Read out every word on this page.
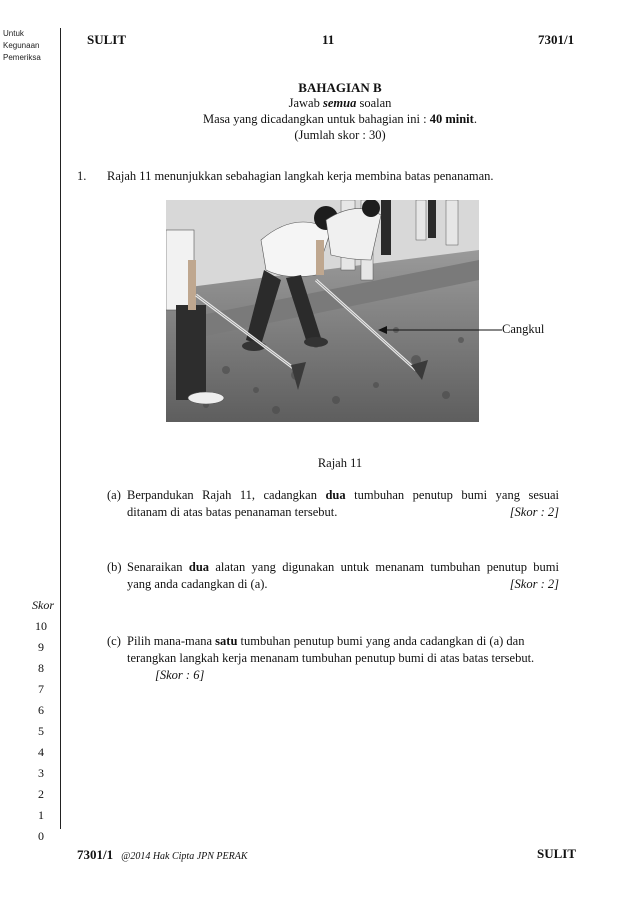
Untuk
Kegunaan
Pemeriksa
SULIT	11	7301/1
BAHAGIAN B
Jawab semua soalan
Masa yang dicadangkan untuk bahagian ini : 40 minit.
(Jumlah skor : 30)
1. Rajah 11 menunjukkan sebahagian langkah kerja membina batas penanaman.
Cangkul
Rajah 11
(a) Berpandukan Rajah 11, cadangkan dua tumbuhan penutup bumi yang sesuai
ditanam di atas batas penanaman tersebut.	[Skor : 2]
(b) Senaraikan dua alatan yang digunakan untuk menanam tumbuhan penutup bumi
yang anda cadangkan di (a).	[Skor : 2]
(c) Pilih mana-mana satu tumbuhan penutup bumi yang anda cadangkan di (a) dan
terangkan langkah kerja menanam tumbuhan penutup bumi di atas batas tersebut.
[Skor : 6]
Skor
10
9
8
7
6
5
4
3
2
1
0
7301/1 @2014 Hak Cipta JPN PERAK	SULIT
